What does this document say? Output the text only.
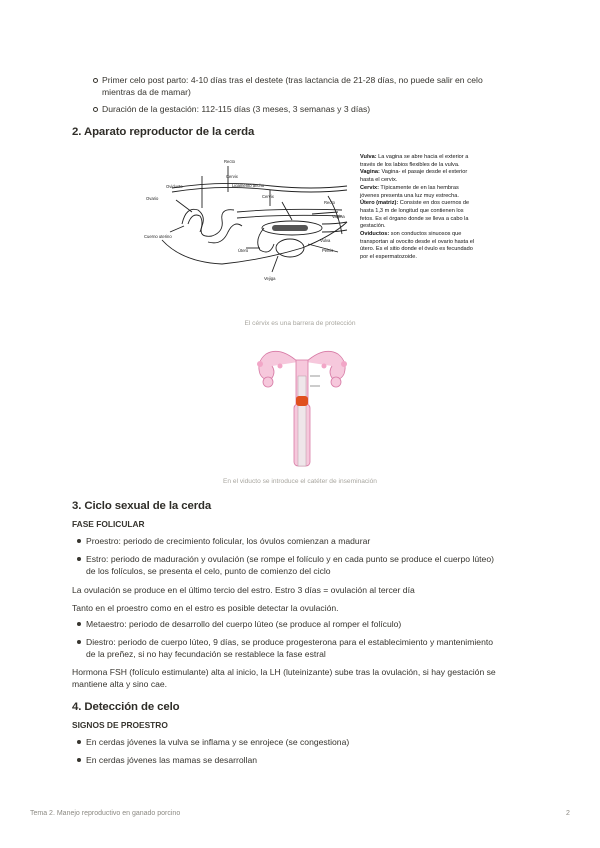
Primer celo post parto: 4-10 días tras el destete (tras lactancia de 21-28 días, no puede salir en celo
mientras da de mamar)
Duración de la gestación: 112-115 días (3 meses, 3 semanas y 3 días)
2. Aparato reproductor de la cerda
Recto
Cervix
Ligamento ancho
Oviducto
Ovario	Cervix
Recto
Vagina
Cuerno uterino
Vulva
Pelvis
Útero
Vejiga
Vulva: La vagina se abre hacia el exterior a través de los labios flexibles de la vulva.
Vagina: Vagina- el pasaje desde el exterior hasta el cervix.
Cervix: Típicamente de en las hembras jóvenes presenta una luz muy estrecha.
Útero (matriz): Consiste en dos cuernos de hasta 1,3 m de longitud que contienen los fetos. Es el órgano donde se lleva a cabo la gestación.
Oviductos: son conductos sinuosos que transportan al ovocito desde el ovario hasta el útero. Es el sitio donde el óvulo es fecundado por el espermatozoide.
El cérvix es una barrera de protección
En el viducto se introduce el catéter de inseminación
3. Ciclo sexual de la cerda
FASE FOLICULAR
Proestro: periodo de crecimiento folicular, los óvulos comienzan a madurar
Estro: periodo de maduración y ovulación (se rompe el folículo y en cada punto se produce el cuerpo lúteo)
de los folículos, se presenta el celo, punto de comienzo del ciclo

La ovulación se produce en el último tercio del estro. Estro 3 días = ovulación al tercer día

Tanto en el proestro como en el estro es posible detectar la ovulación.

Metaestro: periodo de desarrollo del cuerpo lúteo (se produce al romper el folículo)
Diestro: periodo de cuerpo lúteo, 9 días, se produce progesterona para el establecimiento y mantenimiento
de la preñez, si no hay fecundación se restablece la fase estral
Hormona FSH (folículo estimulante) alta al inicio, la LH (luteinizante) sube tras la ovulación, si hay gestación se
mantiene alta y sino cae.
4. Detección de celo
SIGNOS DE PROESTRO
En cerdas jóvenes la vulva se inflama y se enrojece (se congestiona)
En cerdas jóvenes las mamas se desarrollan
Tema 2. Manejo reproductivo en ganado porcino	2
